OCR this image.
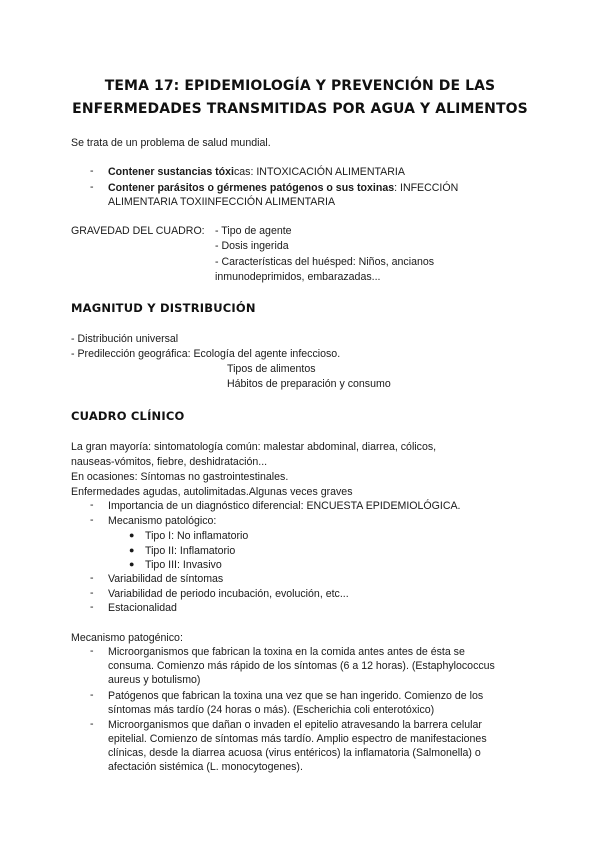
TEMA 17: EPIDEMIOLOGÍA Y PREVENCIÓN DE LAS
ENFERMEDADES TRANSMITIDAS POR AGUA Y ALIMENTOS
Se trata de un problema de salud mundial.
- Contener sustancias tóxicas: INTOXICACIÓN ALIMENTARIA
- Contener parásitos o gérmenes patógenos o sus toxinas: INFECCIÓN
ALIMENTARIA TOXIINFECCIÓN ALIMENTARIA
GRAVEDAD DEL CUADRO: - Tipo de agente
- Dosis ingerida
- Características del huésped: Niños, ancianos
inmunodeprimidos, embarazadas...
MAGNITUD Y DISTRIBUCIÓN
- Distribución universal
- Predilección geográfica: Ecología del agente infeccioso.
Tipos de alimentos
Hábitos de preparación y consumo
CUADRO CLÍNICO
La gran mayoría: sintomatología común: malestar abdominal, diarrea, cólicos,
nauseas-vómitos, fiebre, deshidratación...
En ocasiones: Síntomas no gastrointestinales.
Enfermedades agudas, autolimitadas.Algunas veces graves
- Importancia de un diagnóstico diferencial: ENCUESTA EPIDEMIOLÓGICA.
- Mecanismo patológico:
● Tipo I: No inflamatorio
● Tipo II: Inflamatorio
● Tipo III: Invasivo
- Variabilidad de síntomas
- Variabilidad de periodo incubación, evolución, etc...
- Estacionalidad
Mecanismo patogénico:
- Microorganismos que fabrican la toxina en la comida antes antes de ésta se
consuma. Comienzo más rápido de los síntomas (6 a 12 horas). (Estaphylococcus
aureus y botulismo)
- Patógenos que fabrican la toxina una vez que se han ingerido. Comienzo de los
síntomas más tardío (24 horas o más). (Escherichia coli enterotóxico)
- Microorganismos que dañan o invaden el epitelio atravesando la barrera celular
epitelial. Comienzo de síntomas más tardío. Amplio espectro de manifestaciones
clínicas, desde la diarrea acuosa (virus entéricos) la inflamatoria (Salmonella) o
afectación sistémica (L. monocytogenes).
